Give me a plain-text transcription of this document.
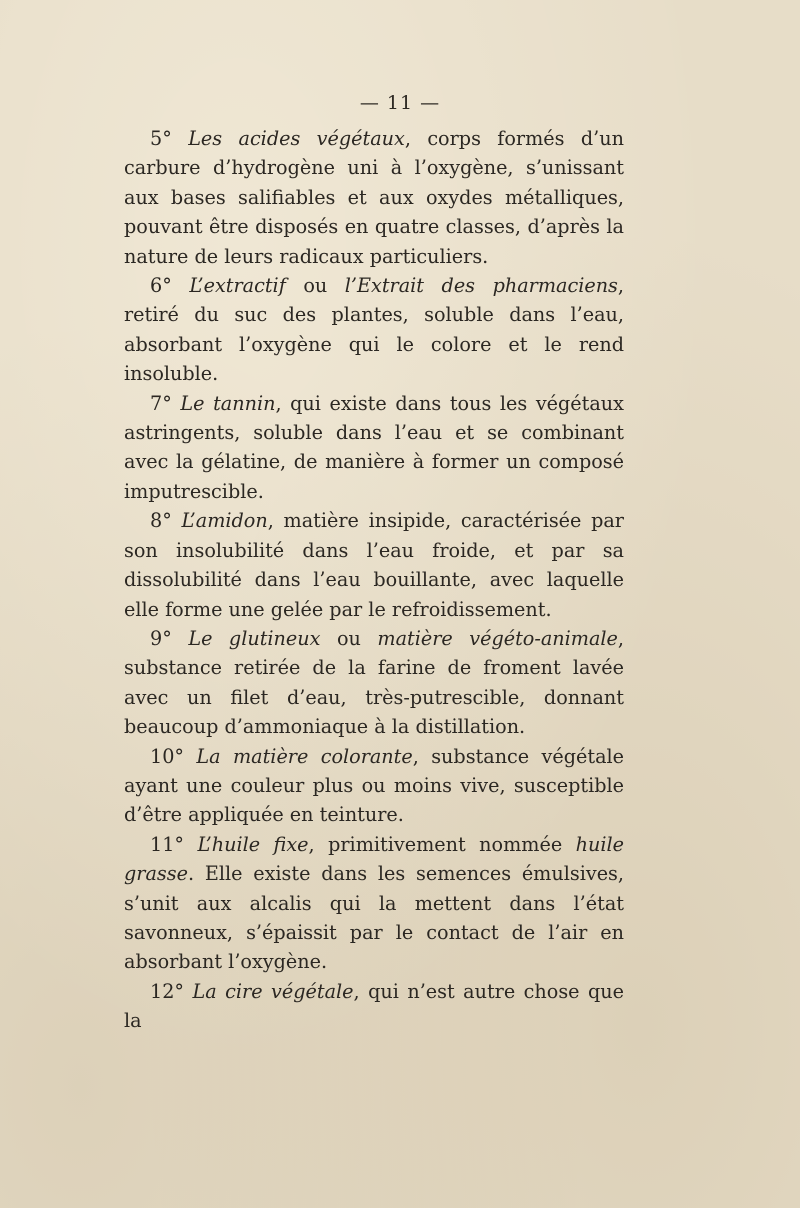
— 11 —

5° Les acides végétaux, corps formés d’un carbure d’hydrogène uni à l’oxygène, s’unissant aux bases salifiables et aux oxydes métalliques, pouvant être disposés en quatre classes, d’après la nature de leurs radicaux particuliers.

6° L’extractif ou l’Extrait des pharmaciens, retiré du suc des plantes, soluble dans l’eau, absorbant l’oxygène qui le colore et le rend insoluble.

7° Le tannin, qui existe dans tous les végétaux astringents, soluble dans l’eau et se combinant avec la gélatine, de manière à former un composé imputrescible.

8° L’amidon, matière insipide, caractérisée par son insolubilité dans l’eau froide, et par sa dissolubilité dans l’eau bouillante, avec laquelle elle forme une gelée par le refroidissement.

9° Le glutineux ou matière végéto-animale, substance retirée de la farine de froment lavée avec un filet d’eau, très-putrescible, donnant beaucoup d’ammoniaque à la distillation.

10° La matière colorante, substance végétale ayant une couleur plus ou moins vive, susceptible d’être appliquée en teinture.

11° L’huile fixe, primitivement nommée huile grasse. Elle existe dans les semences émulsives, s’unit aux alcalis qui la mettent dans l’état savonneux, s’épaissit par le contact de l’air en absorbant l’oxygène.

12° La cire végétale, qui n’est autre chose que la
